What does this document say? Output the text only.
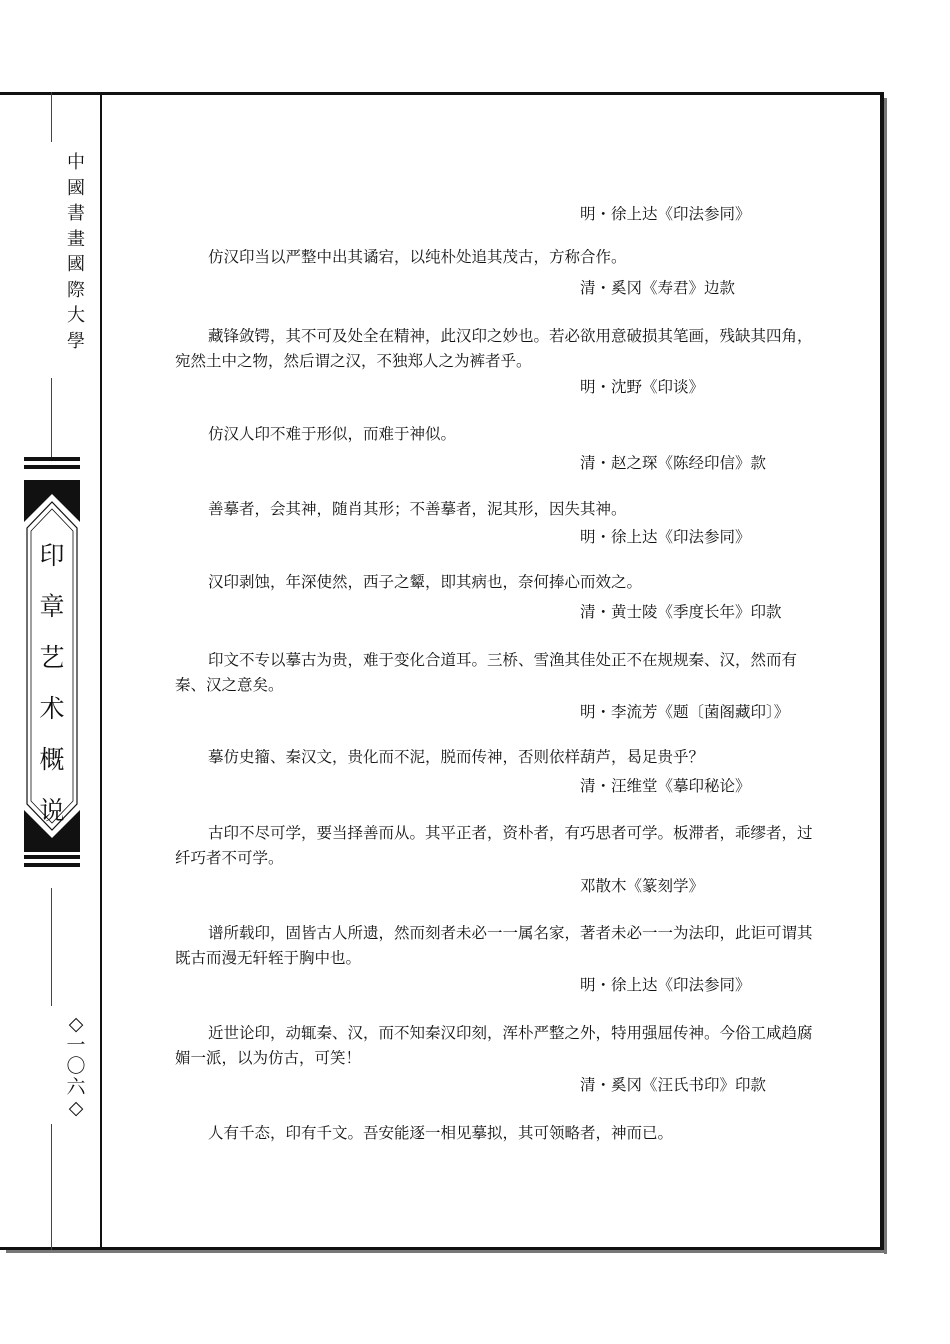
中
國
書
畫
國
際
大
學
印
章
艺
术
概
说
◇
一
〇
六
◇
明・徐上达《印法参同》

仿汉印当以严整中出其谲宕，以纯朴处追其茂古，方称合作。

清・奚冈《寿君》边款

藏锋敛锷，其不可及处全在精神，此汉印之妙也。若必欲用意破损其笔画，残缺其四角，宛然土中之物，然后谓之汉，不独郑人之为裤者乎。

明・沈野《印谈》

仿汉人印不难于形似，而难于神似。

清・赵之琛《陈经印信》款

善摹者，会其神，随肖其形；不善摹者，泥其形，因失其神。

明・徐上达《印法参同》

汉印剥蚀，年深使然，西子之颦，即其病也，奈何捧心而效之。

清・黄士陵《季度长年》印款

印文不专以摹古为贵，难于变化合道耳。三桥、雪渔其佳处正不在规规秦、汉，然而有秦、汉之意矣。

明・李流芳《题〔菌阁藏印〕》

摹仿史籀、秦汉文，贵化而不泥，脱而传神，否则依样葫芦，曷足贵乎？

清・汪维堂《摹印秘论》

古印不尽可学，要当择善而从。其平正者，资朴者，有巧思者可学。板滞者，乖缪者，过纤巧者不可学。

邓散木《篆刻学》

谱所载印，固皆古人所遗，然而刻者未必一一属名家，著者未必一一为法印，此讵可谓其既古而漫无轩轾于胸中也。

明・徐上达《印法参同》

近世论印，动辄秦、汉，而不知秦汉印刻，浑朴严整之外，特用强屈传神。今俗工咸趋腐媚一派，以为仿古，可笑！

清・奚冈《汪氏书印》印款

人有千态，印有千文。吾安能逐一相见摹拟，其可领略者，神而已。
